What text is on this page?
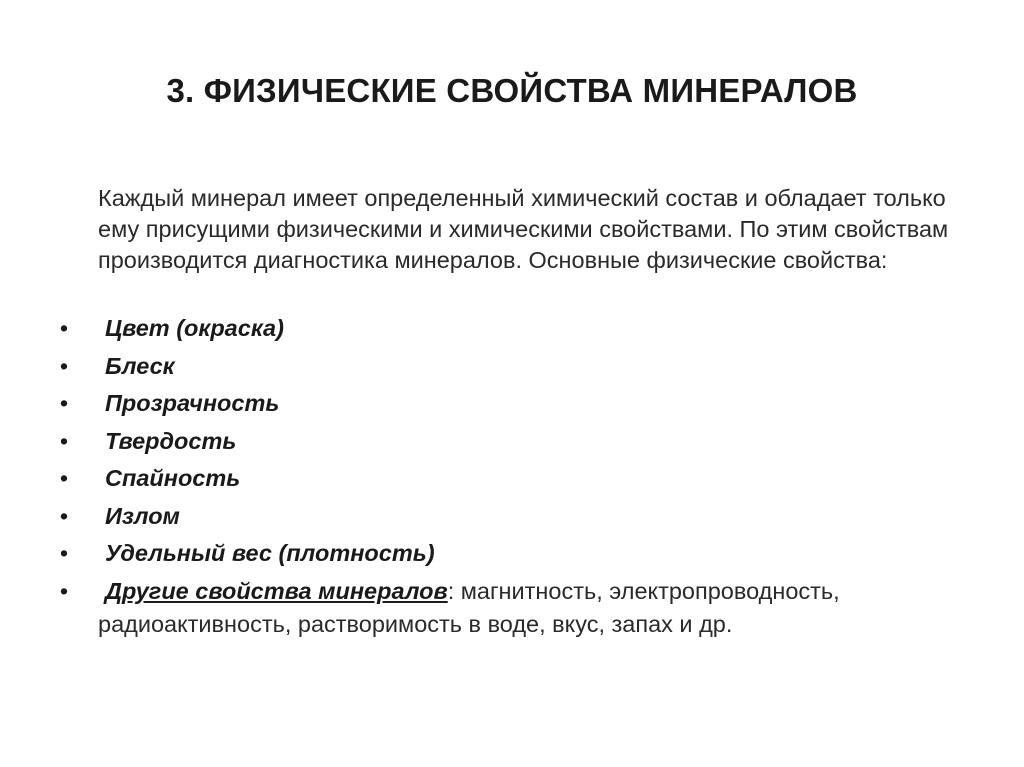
3. ФИЗИЧЕСКИЕ СВОЙСТВА МИНЕРАЛОВ
Каждый минерал имеет определенный химический состав и обладает только ему присущими физическими и химическими свойствами. По этим свойствам производится диагностика минералов. Основные физические свойства:
• Цвет (окраска)
• Блеск
• Прозрачность
• Твердость
• Спайность
• Излом
• Удельный вес (плотность)
• Другие свойства минералов: магнитность, электропроводность, радиоактивность, растворимость в воде, вкус, запах и др.
